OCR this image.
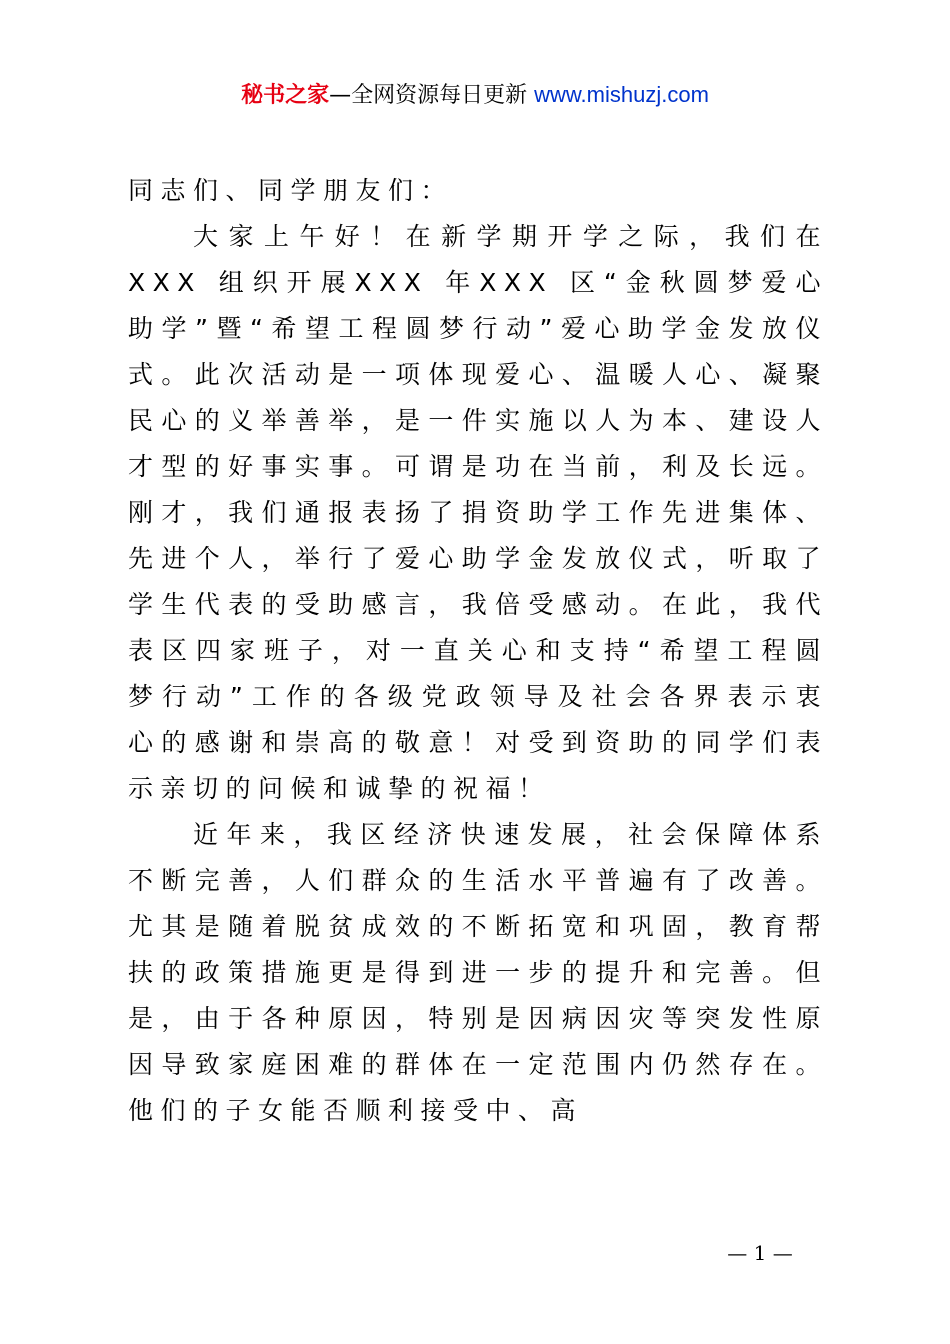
秘书之家—全网资源每日更新 www.mishuzj.com

同志们、同学朋友们：

大家上午好！在新学期开学之际，我们在XXX 组织开展XXX 年XXX 区“金秋圆梦爱心助学”暨“希望工程圆梦行动”爱心助学金发放仪式。此次活动是一项体现爱心、温暖人心、凝聚民心的义举善举，是一件实施以人为本、建设人才型的好事实事。可谓是功在当前，利及长远。刚才，我们通报表扬了捐资助学工作先进集体、先进个人，举行了爱心助学金发放仪式，听取了学生代表的受助感言，我倍受感动。在此，我代表区四家班子，对一直关心和支持“希望工程圆梦行动”工作的各级党政领导及社会各界表示衷心的感谢和崇高的敬意！对受到资助的同学们表示亲切的问候和诚挚的祝福！

近年来，我区经济快速发展，社会保障体系不断完善，人们群众的生活水平普遍有了改善。尤其是随着脱贫成效的不断拓宽和巩固，教育帮扶的政策措施更是得到进一步的提升和完善。但是，由于各种原因，特别是因病因灾等突发性原因导致家庭困难的群体在一定范围内仍然存在。他们的子女能否顺利接受中、高

— 1 —
